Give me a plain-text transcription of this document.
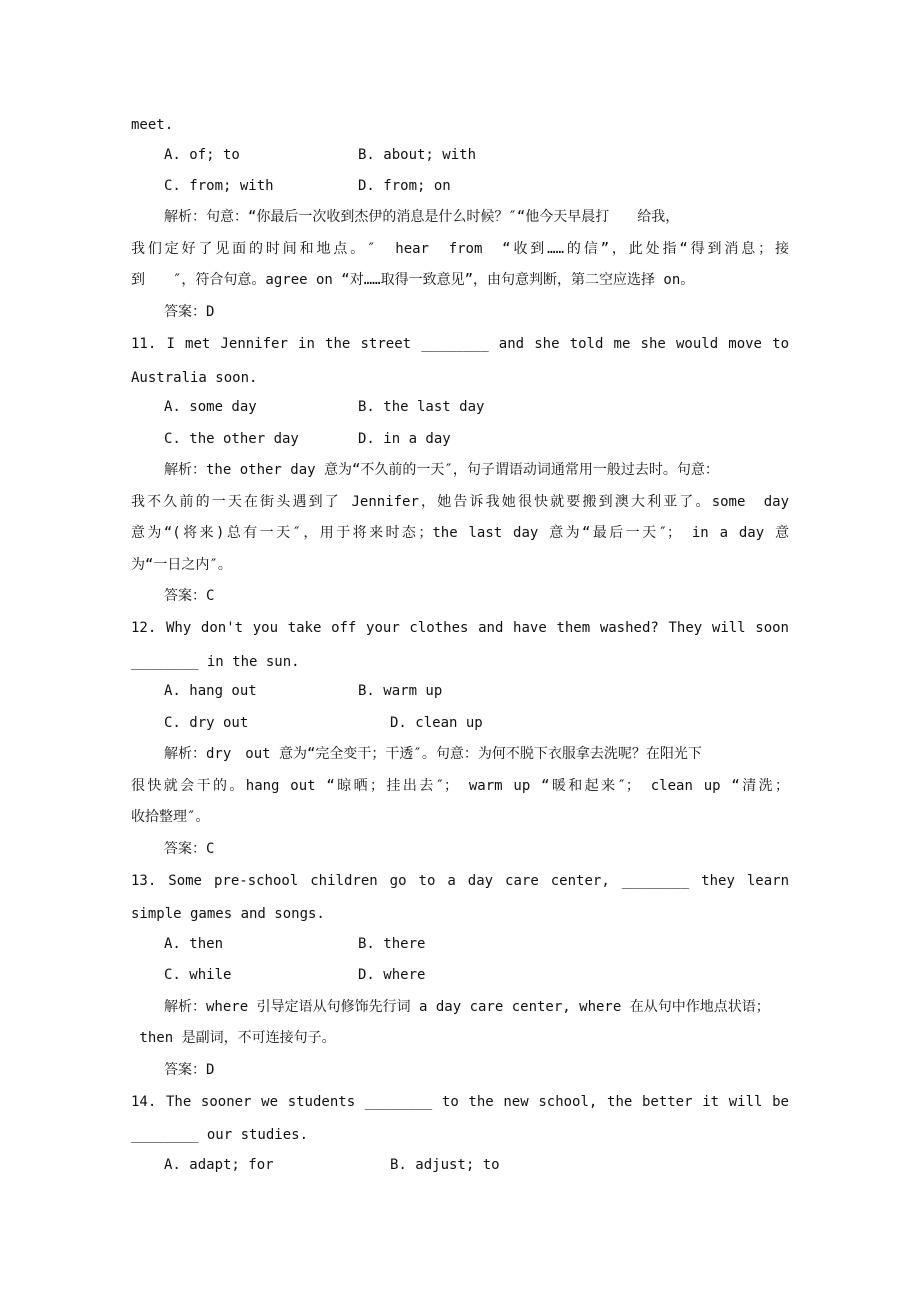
meet.
A. of; to	B. about; with
C. from; with	D. from; on
解析：句意：“你最后一次收到杰伊的消息是什么时候？″“他今天早晨打　　给我，
我们定好了见面的时间和地点。″　hear　from　“收到……的信”，此处指“得到消息；接
到　　″，符合句意。agree on “对……取得一致意见”，由句意判断，第二空应选择 on。
答案：D
11. I met Jennifer in the street ________ and she told me she would move to
Australia soon.
A. some day	B. the last day
C. the other day	D. in a day
解析：the other day 意为“不久前的一天″，句子谓语动词通常用一般过去时。句意：
我不久前的一天在街头遇到了 Jennifer，她告诉我她很快就要搬到澳大利亚了。some　day
意为“(将来)总有一天″，用于将来时态；the last day 意为“最后一天″； in a day 意
为“一日之内″。
答案：C
12. Why don't you take off your clothes and have them washed? They will soon
________ in the sun.
A. hang out	B. warm up
C. dry out	D. clean up
解析：dry　out 意为“完全变干；干透″。句意：为何不脱下衣服拿去洗呢？在阳光下
很快就会干的。hang out “晾晒；挂出去″； warm up “暖和起来″； clean up “清洗；
收拾整理″。
答案：C
13. Some pre-school children go to a day care center, ________ they learn
simple games and songs.
A. then	B. there
C. while	D. where
解析：where 引导定语从句修饰先行词 a day care center, where 在从句中作地点状语；
then 是副词，不可连接句子。
答案：D
14. The sooner we students ________ to the new school, the better it will be
________ our studies.
A. adapt; for	B. adjust; to
